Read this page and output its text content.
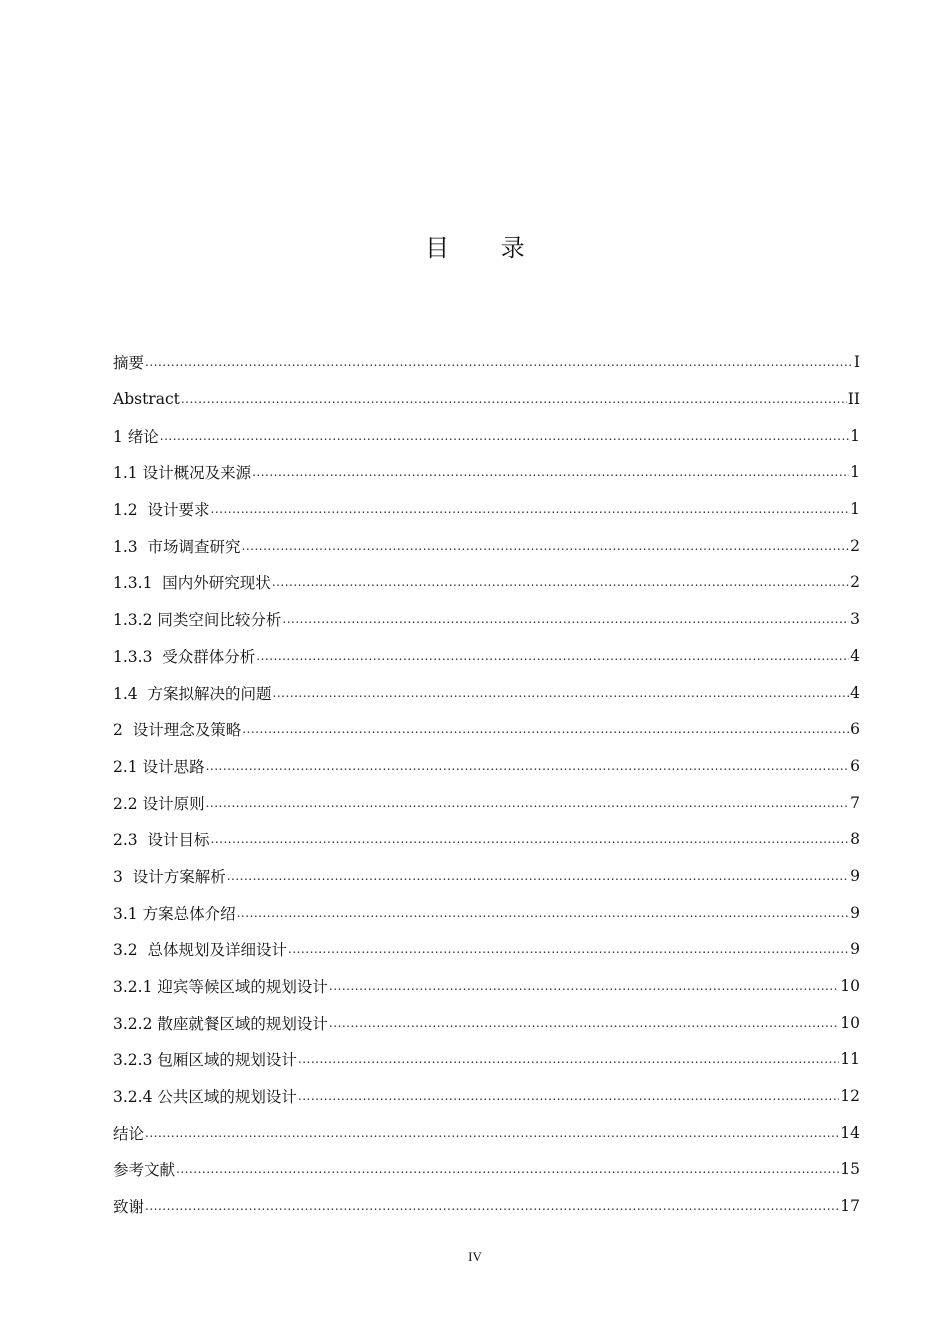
目 录
摘要 .....	I
Abstract .....	II
1 绪论 .....	1
1.1 设计概况及来源 .....	1
1.2  设计要求 .....	1
1.3  市场调查研究 .....	2
1.3.1  国内外研究现状 .....	2
1.3.2 同类空间比较分析 .....	3
1.3.3  受众群体分析 .....	4
1.4  方案拟解决的问题 .....	4
2  设计理念及策略 .....	6
2.1 设计思路 .....	6
2.2 设计原则 .....	7
2.3  设计目标 .....	8
3  设计方案解析 .....	9
3.1 方案总体介绍 .....	9
3.2  总体规划及详细设计 .....	9
3.2.1 迎宾等候区域的规划设计 .....	10
3.2.2 散座就餐区域的规划设计 .....	10
3.2.3 包厢区域的规划设计 .....	11
3.2.4 公共区域的规划设计 .....	12
结论 .....	14
参考文献 .....	15
致谢 .....	17
IV
